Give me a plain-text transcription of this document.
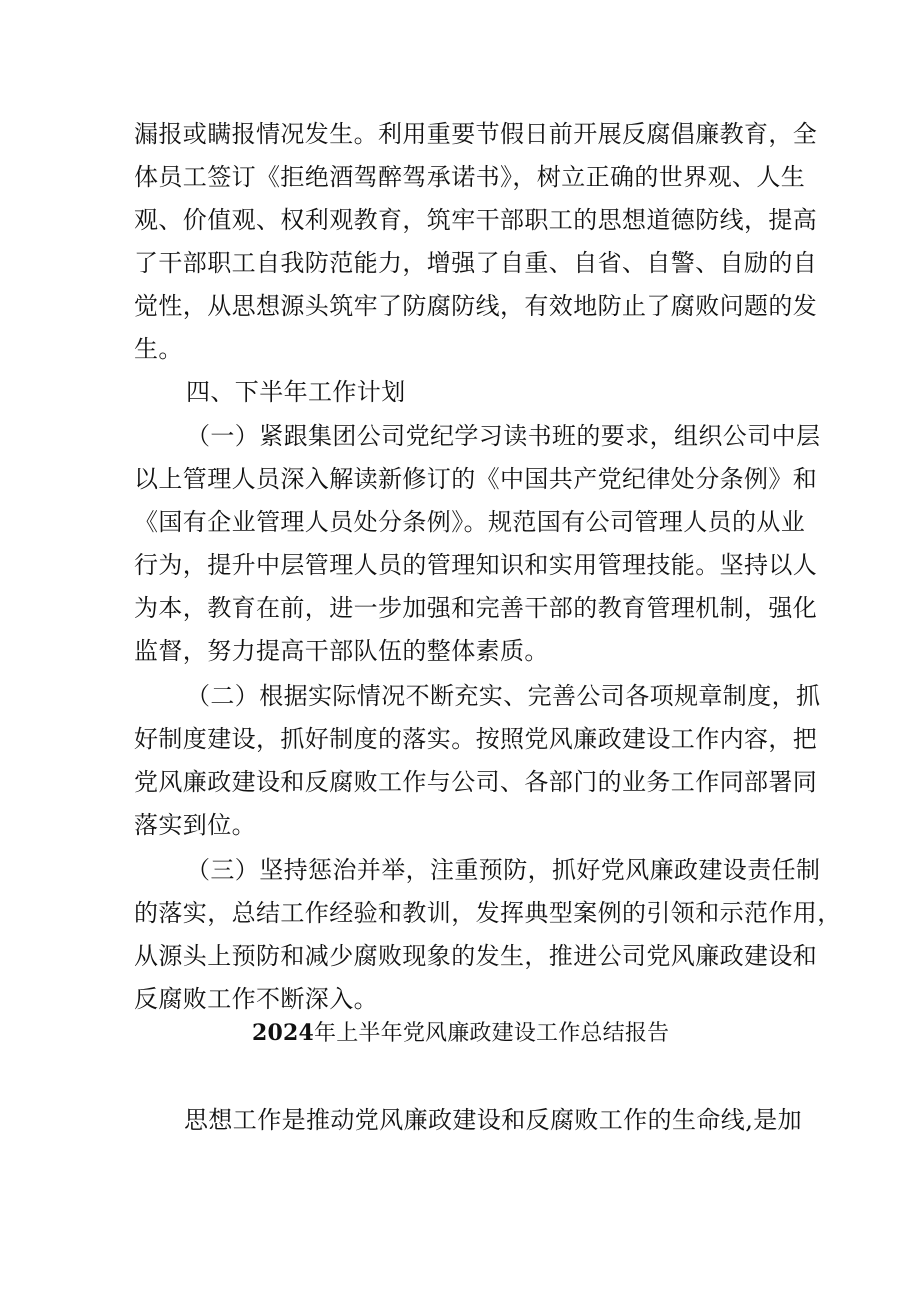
漏报或瞒报情况发生。利用重要节假日前开展反腐倡廉教育，全
体员工签订《拒绝酒驾醉驾承诺书》，树立正确的世界观、人生
观、价值观、权利观教育，筑牢干部职工的思想道德防线，提高
了干部职工自我防范能力，增强了自重、自省、自警、自励的自
觉性，从思想源头筑牢了防腐防线，有效地防止了腐败问题的发
生。
四、下半年工作计划
（一）紧跟集团公司党纪学习读书班的要求，组织公司中层
以上管理人员深入解读新修订的《中国共产党纪律处分条例》和
《国有企业管理人员处分条例》。规范国有公司管理人员的从业
行为，提升中层管理人员的管理知识和实用管理技能。坚持以人
为本，教育在前，进一步加强和完善干部的教育管理机制，强化
监督，努力提高干部队伍的整体素质。
（二）根据实际情况不断充实、完善公司各项规章制度，抓
好制度建设，抓好制度的落实。按照党风廉政建设工作内容，把
党风廉政建设和反腐败工作与公司、各部门的业务工作同部署同
落实到位。
（三）坚持惩治并举，注重预防，抓好党风廉政建设责任制
的落实，总结工作经验和教训，发挥典型案例的引领和示范作用，
从源头上预防和减少腐败现象的发生，推进公司党风廉政建设和
反腐败工作不断深入。
2024年上半年党风廉政建设工作总结报告
思想工作是推动党风廉政建设和反腐败工作的生命线,是加
